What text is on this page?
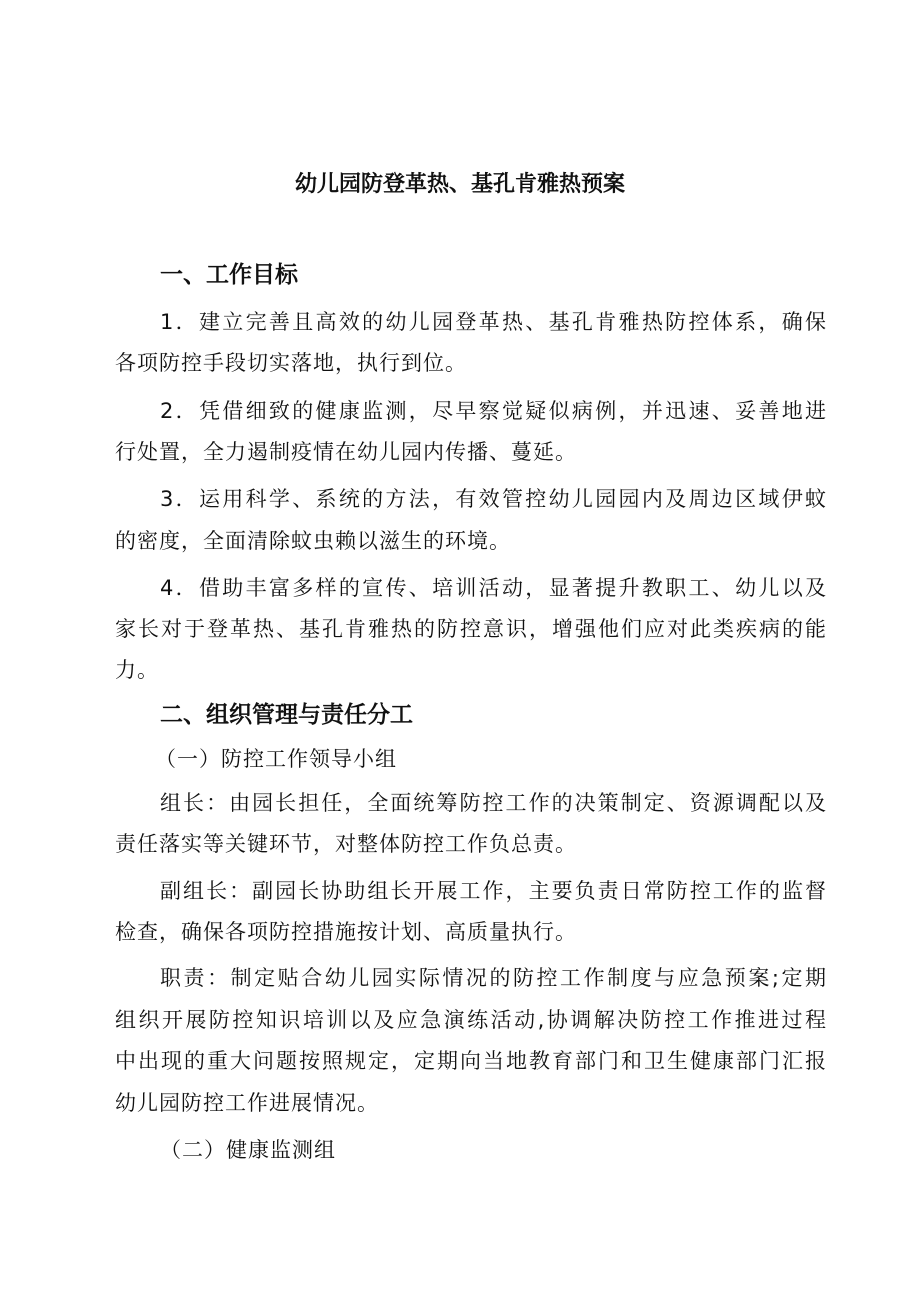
幼儿园防登革热、基孔肯雅热预案
一、工作目标
1．建立完善且高效的幼儿园登革热、基孔肯雅热防控体系，确保
各项防控手段切实落地，执行到位。
2．凭借细致的健康监测，尽早察觉疑似病例，并迅速、妥善地进
行处置，全力遏制疫情在幼儿园内传播、蔓延。
3．运用科学、系统的方法，有效管控幼儿园园内及周边区域伊蚊
的密度，全面清除蚊虫赖以滋生的环境。
4．借助丰富多样的宣传、培训活动，显著提升教职工、幼儿以及
家长对于登革热、基孔肯雅热的防控意识，增强他们应对此类疾病的能
力。
二、组织管理与责任分工
（一）防控工作领导小组
组长：由园长担任，全面统筹防控工作的决策制定、资源调配以及
责任落实等关键环节，对整体防控工作负总责。
副组长：副园长协助组长开展工作，主要负责日常防控工作的监督
检查，确保各项防控措施按计划、高质量执行。
职责：制定贴合幼儿园实际情况的防控工作制度与应急预案;定期
组织开展防控知识培训以及应急演练活动,协调解决防控工作推进过程
中出现的重大问题按照规定，定期向当地教育部门和卫生健康部门汇报
幼儿园防控工作进展情况。
（二）健康监测组
